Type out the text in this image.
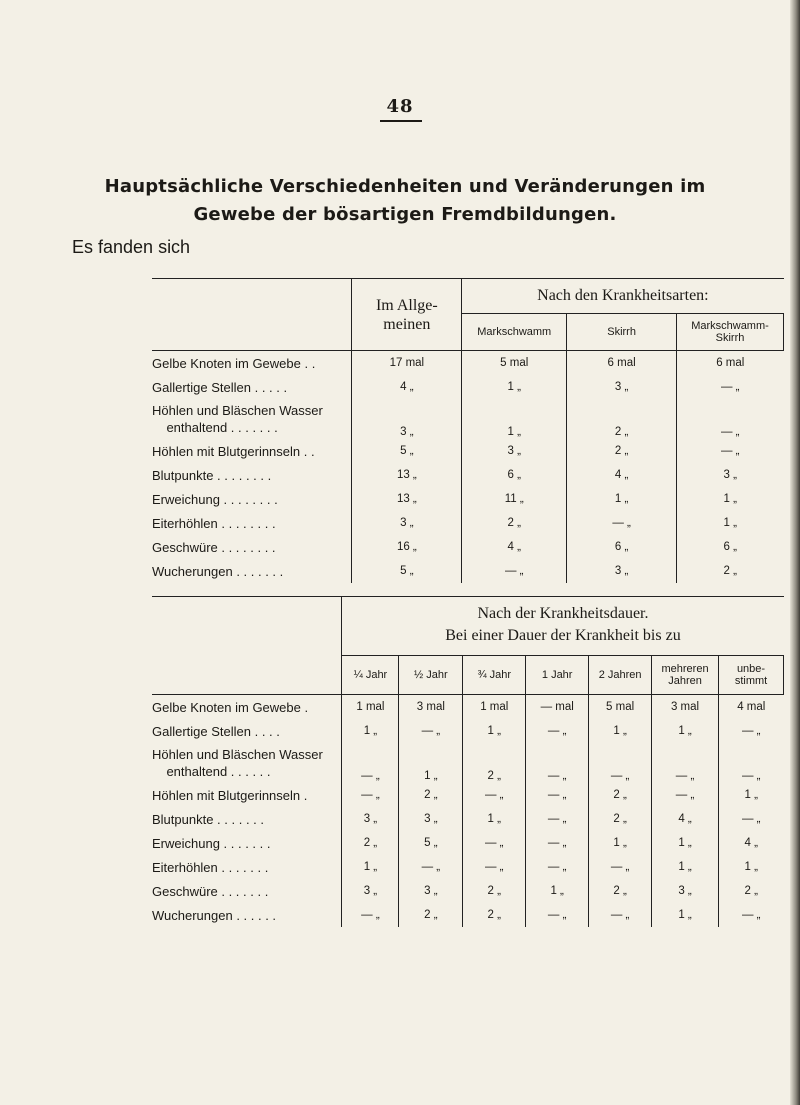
48
Hauptsächliche Verschiedenheiten und Veränderungen im
Gewebe der bösartigen Fremdbildungen.
Es fanden sich
	Im Allge-
meinen	Nach den Krankheitsarten:		
		Markschwamm	Skirrh	Markschwamm-
Skirrh
Gelbe Knoten im Gewebe . .	17 mal	5 mal	6 mal	6 mal
Gallertige Stellen . . . . .	4 „	1 „	3 „	— „
Höhlen und Bläschen Wasser
enthaltend . . . . . . .	3 „	1 „	2 „	— „
Höhlen mit Blutgerinnseln . .	5 „	3 „	2 „	— „
Blutpunkte . . . . . . . .	13 „	6 „	4 „	3 „
Erweichung . . . . . . . .	13 „	11 „	1 „	1 „
Eiterhöhlen . . . . . . . .	3 „	2 „	— „	1 „
Geschwüre . . . . . . . .	16 „	4 „	6 „	6 „
Wucherungen . . . . . . .	5 „	— „	3 „	2 „

	Nach der Krankheitsdauer.
Bei einer Dauer der Krankheit bis zu						

	¼ Jahr	½ Jahr	¾ Jahr	1 Jahr	2 Jahren	mehreren
Jahren	unbe-
stimmt
Gelbe Knoten im Gewebe .	1 mal	3 mal	1 mal	— mal	5 mal	3 mal	4 mal
Gallertige Stellen . . . .	1 „	— „	1 „	— „	1 „	1 „	— „
Höhlen und Bläschen Wasser
enthaltend . . . . . .	— „	1 „	2 „	— „	— „	— „	— „
Höhlen mit Blutgerinnseln .	— „	2 „	— „	— „	2 „	— „	1 „
Blutpunkte . . . . . . .	3 „	3 „	1 „	— „	2 „	4 „	— „
Erweichung . . . . . . .	2 „	5 „	— „	— „	1 „	1 „	4 „
Eiterhöhlen . . . . . . .	1 „	— „	— „	— „	— „	1 „	1 „
Geschwüre . . . . . . .	3 „	3 „	2 „	1 „	2 „	3 „	2 „
Wucherungen . . . . . .	— „	2 „	2 „	— „	— „	1 „	— „
